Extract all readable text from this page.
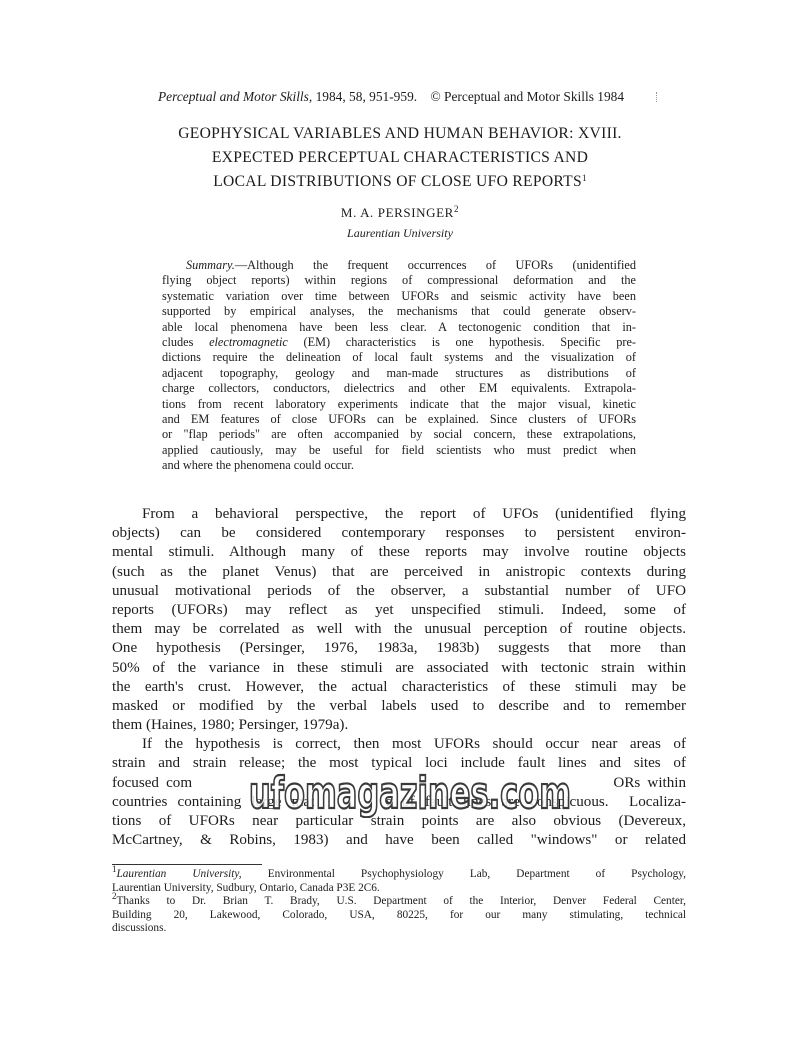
Perceptual and Motor Skills, 1984, 58, 951-959. © Perceptual and Motor Skills 1984
GEOPHYSICAL VARIABLES AND HUMAN BEHAVIOR: XVIII.
EXPECTED PERCEPTUAL CHARACTERISTICS AND
LOCAL DISTRIBUTIONS OF CLOSE UFO REPORTS$^1$
M. A. PERSINGER$^2$
Laurentian University
Summary.—Although the frequent occurrences of UFORs (unidentified
flying object reports) within regions of compressional deformation and the
systematic variation over time between UFORs and seismic activity have been
supported by empirical analyses, the mechanisms that could generate observ-
able local phenomena have been less clear. A tectonogenic condition that in-
cludes electromagnetic (EM) characteristics is one hypothesis. Specific pre-
dictions require the delineation of local fault systems and the visualization of
adjacent topography, geology and man-made structures as distributions of
charge collectors, conductors, dielectrics and other EM equivalents. Extrapola-
tions from recent laboratory experiments indicate that the major visual, kinetic
and EM features of close UFORs can be explained. Since clusters of UFORs
or "flap periods" are often accompanied by social concern, these extrapolations,
applied cautiously, may be useful for field scientists who must predict when
and where the phenomena could occur.
From a behavioral perspective, the report of UFOs (unidentified flying
objects) can be considered contemporary responses to persistent environ-
mental stimuli. Although many of these reports may involve routine objects
(such as the planet Venus) that are perceived in anistropic contexts during
unusual motivational periods of the observer, a substantial number of UFO
reports (UFORs) may reflect as yet unspecified stimuli. Indeed, some of
them may be correlated as well with the unusual perception of routine objects.
One hypothesis (Persinger, 1976, 1983a, 1983b) suggests that more than
50% of the variance in these stimuli are associated with tectonic strain within
the earth's crust. However, the actual characteristics of these stimuli may be
masked or modified by the verbal labels used to describe and to remember
them (Haines, 1980; Persinger, 1979a).
If the hypothesis is correct, then most UFORs should occur near areas of
strain and strain release; the most typical loci include fault lines and sites of
focused com                                                           ORs within
countries containing large mat       s of fault lines are conspicuous.  Localiza-
tions of UFORs near particular strain points are also obvious (Devereux,
McCartney, & Robins, 1983) and have been called "windows" or related
ufomagazines.com
$^1$Laurentian University, Environmental Psychophysiology Lab, Department of Psychology,
Laurentian University, Sudbury, Ontario, Canada P3E 2C6.
$^2$Thanks to Dr. Brian T. Brady, U.S. Department of the Interior, Denver Federal Center,
Building 20, Lakewood, Colorado, USA, 80225, for our many stimulating, technical
discussions.
